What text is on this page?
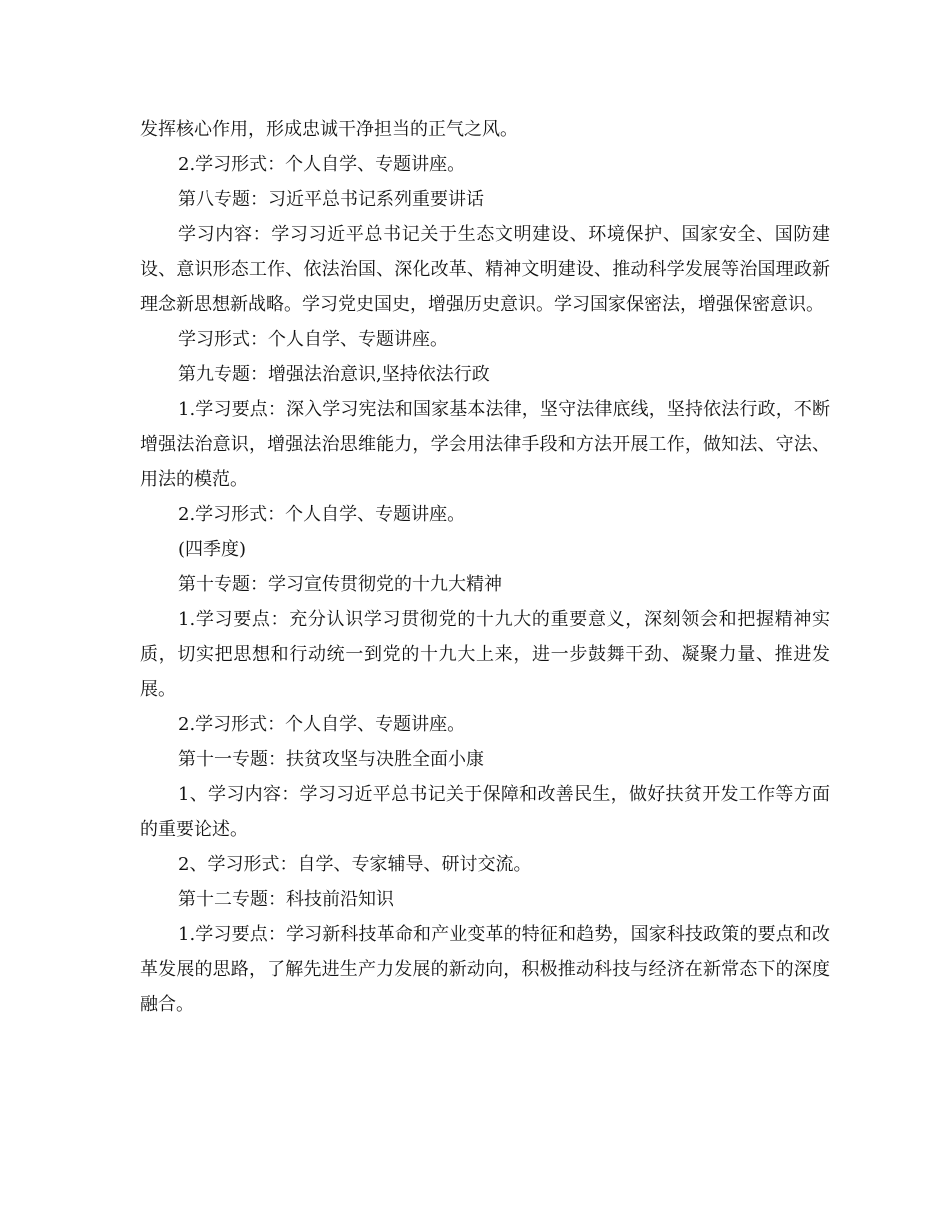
发挥核心作用，形成忠诚干净担当的正气之风。

2.学习形式：个人自学、专题讲座。

第八专题：习近平总书记系列重要讲话

学习内容：学习习近平总书记关于生态文明建设、环境保护、国家安全、国防建设、意识形态工作、依法治国、深化改革、精神文明建设、推动科学发展等治国理政新理念新思想新战略。学习党史国史，增强历史意识。学习国家保密法，增强保密意识。

学习形式：个人自学、专题讲座。

第九专题：增强法治意识,坚持依法行政

1.学习要点：深入学习宪法和国家基本法律，坚守法律底线，坚持依法行政，不断增强法治意识，增强法治思维能力，学会用法律手段和方法开展工作，做知法、守法、用法的模范。

2.学习形式：个人自学、专题讲座。

(四季度)

第十专题：学习宣传贯彻党的十九大精神

1.学习要点：充分认识学习贯彻党的十九大的重要意义，深刻领会和把握精神实质，切实把思想和行动统一到党的十九大上来，进一步鼓舞干劲、凝聚力量、推进发展。

2.学习形式：个人自学、专题讲座。

第十一专题：扶贫攻坚与决胜全面小康

1、学习内容：学习习近平总书记关于保障和改善民生，做好扶贫开发工作等方面的重要论述。

2、学习形式：自学、专家辅导、研讨交流。

第十二专题：科技前沿知识

1.学习要点：学习新科技革命和产业变革的特征和趋势，国家科技政策的要点和改革发展的思路，了解先进生产力发展的新动向，积极推动科技与经济在新常态下的深度融合。
